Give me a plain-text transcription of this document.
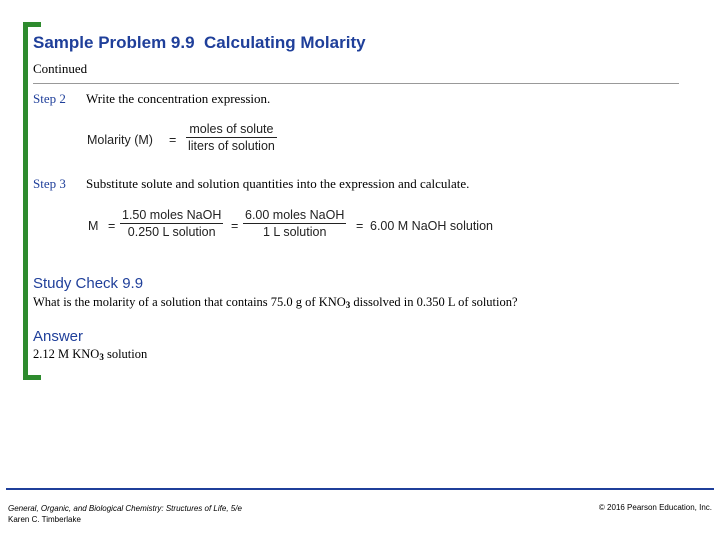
Sample Problem 9.9 Calculating Molarity
Continued
Step 2 Write the concentration expression.
Molarity (M) =
moles of solute
liters of solution
Step 3 Substitute solute and solution quantities into the expression and calculate.
M =
1.50 moles NaOH
0.250 L solution	=
6.00 moles NaOH
1 L solution	= 6.00 M NaOH solution
Study Check 9.9
What is the molarity of a solution that contains 75.0 g of $KNO_3$ dissolved in 0.350 L of solution?
Answer
2.12 M $KNO_3$ solution
General, Organic, and Biological Chemistry: Structures of Life, 5/e
Karen C. Timberlake
© 2016 Pearson Education, Inc.
